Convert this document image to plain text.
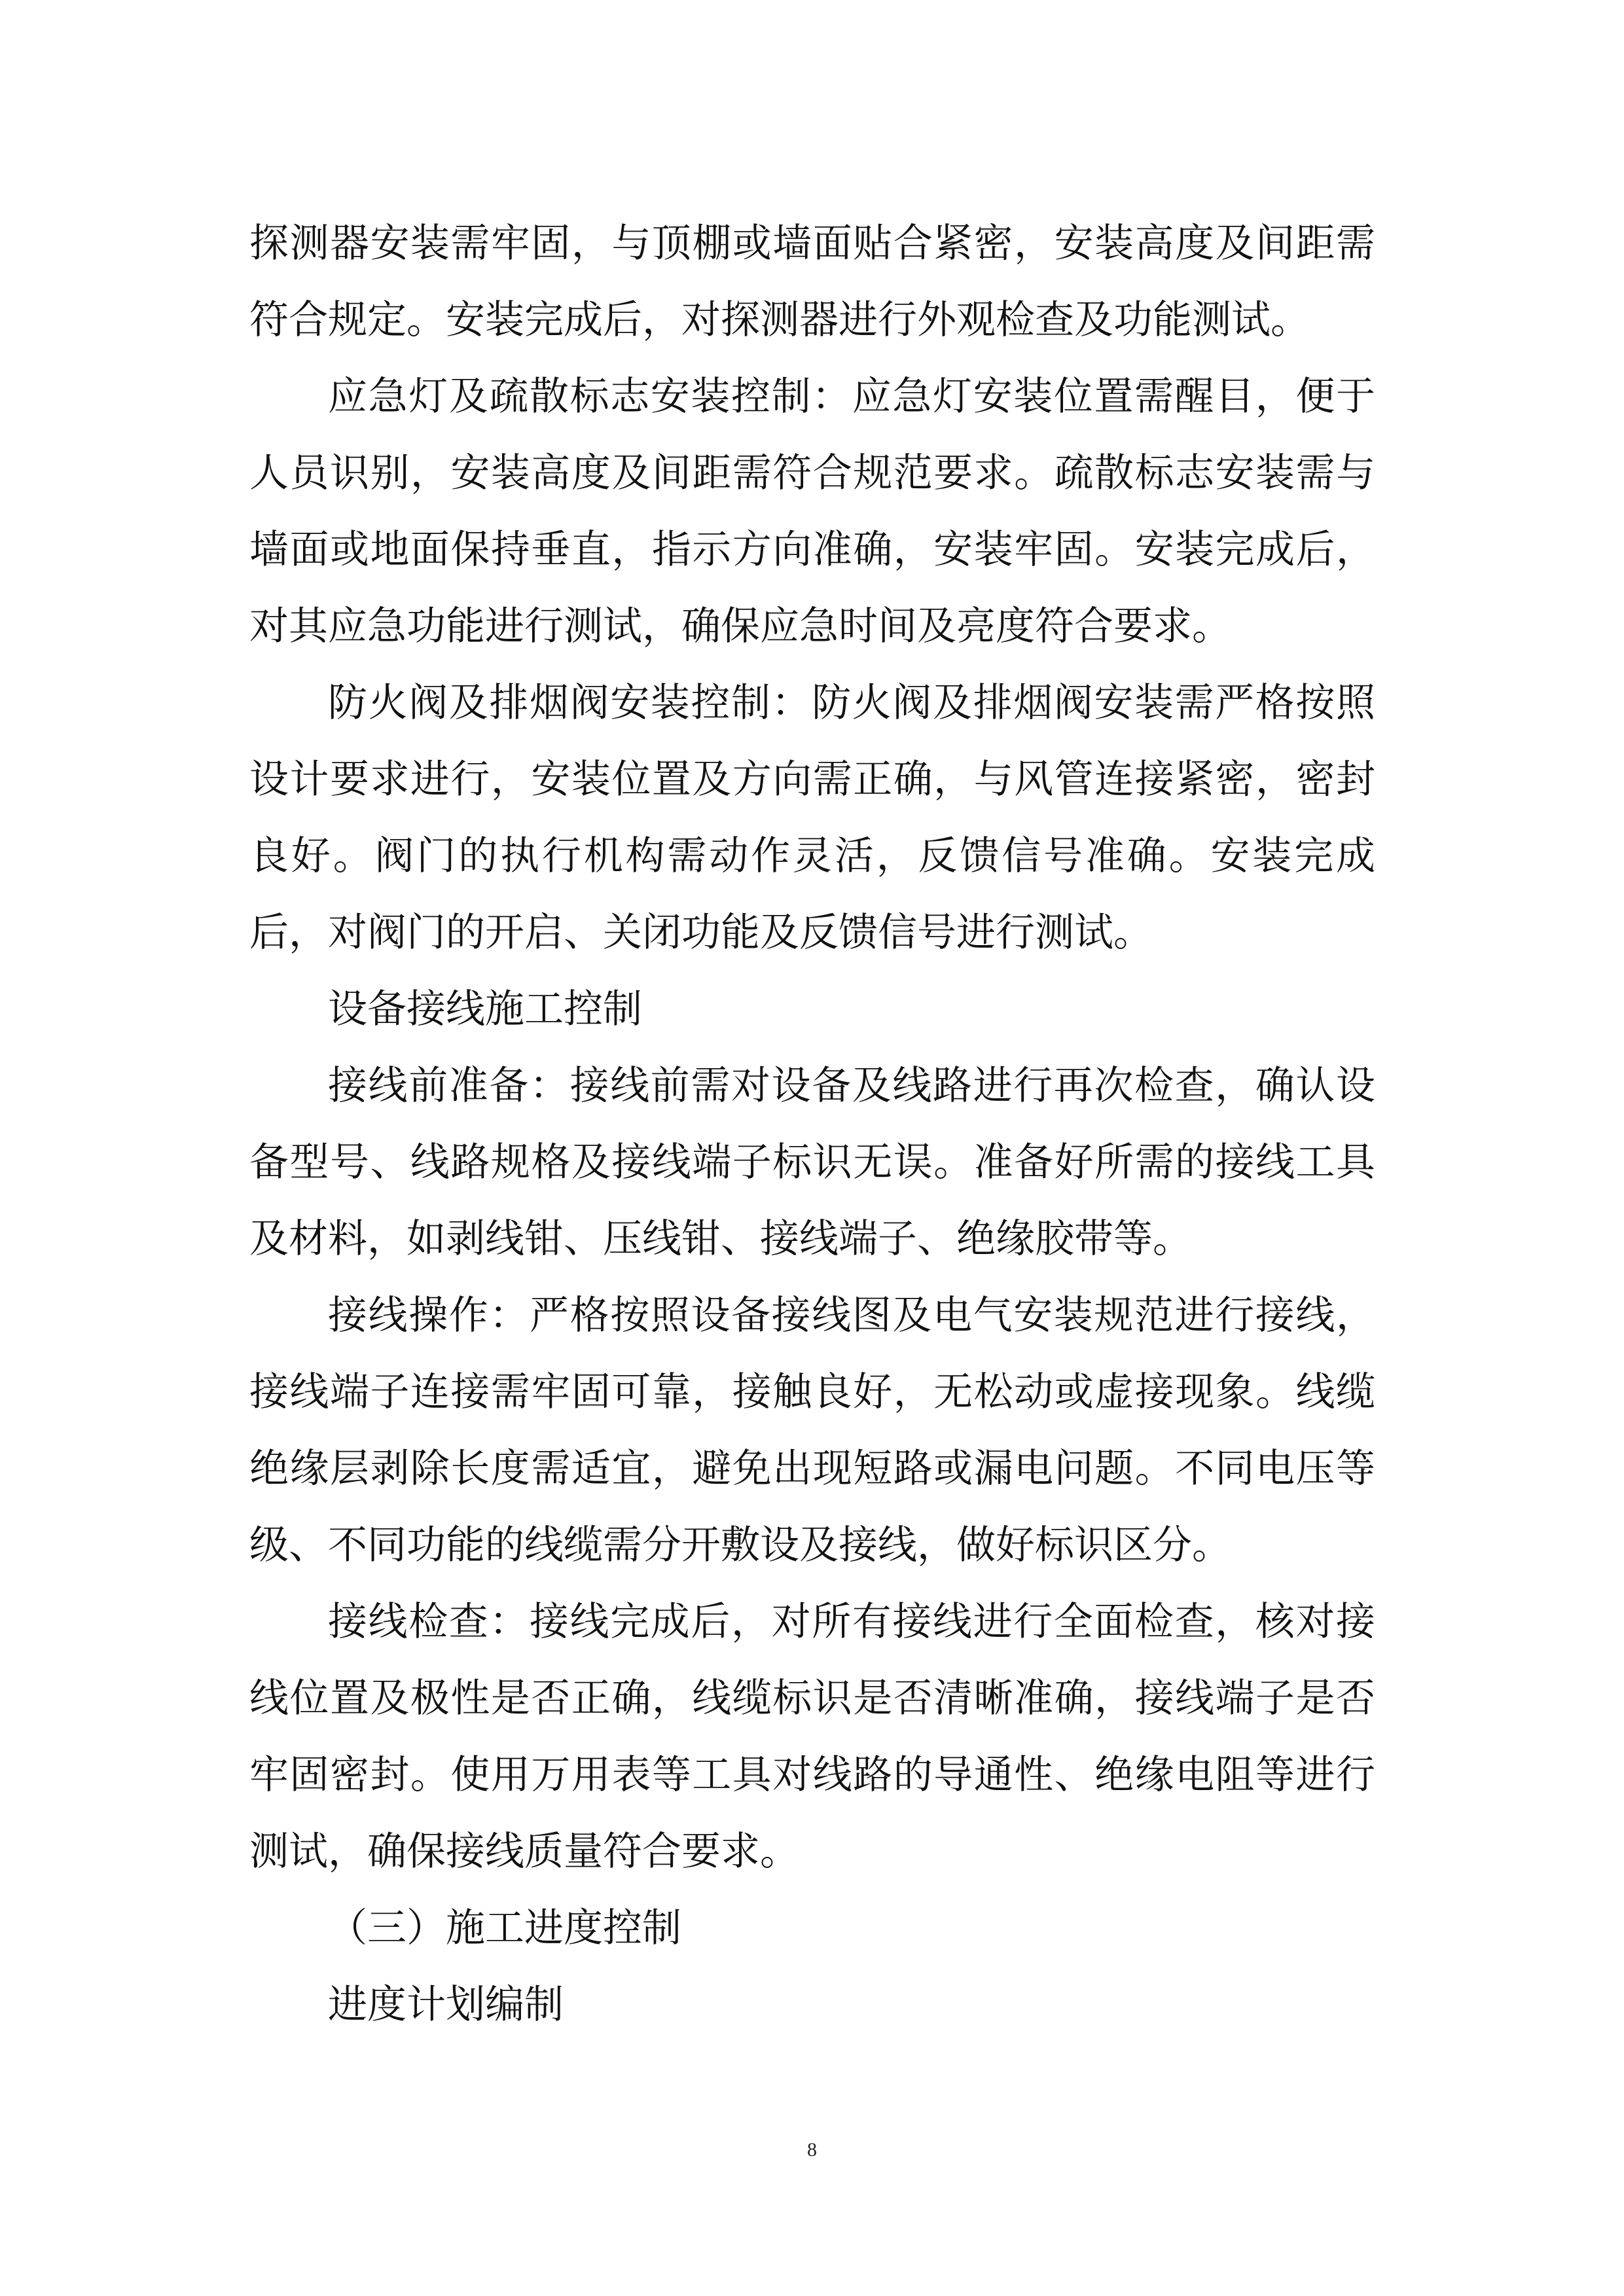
探测器安装需牢固，与顶棚或墙面贴合紧密，安装高度及间距需符合规定。安装完成后，对探测器进行外观检查及功能测试。

应急灯及疏散标志安装控制：应急灯安装位置需醒目，便于人员识别，安装高度及间距需符合规范要求。疏散标志安装需与墙面或地面保持垂直，指示方向准确，安装牢固。安装完成后，对其应急功能进行测试，确保应急时间及亮度符合要求。

防火阀及排烟阀安装控制：防火阀及排烟阀安装需严格按照设计要求进行，安装位置及方向需正确，与风管连接紧密，密封良好。阀门的执行机构需动作灵活，反馈信号准确。安装完成后，对阀门的开启、关闭功能及反馈信号进行测试。

设备接线施工控制

接线前准备：接线前需对设备及线路进行再次检查，确认设备型号、线路规格及接线端子标识无误。准备好所需的接线工具及材料，如剥线钳、压线钳、接线端子、绝缘胶带等。

接线操作：严格按照设备接线图及电气安装规范进行接线，接线端子连接需牢固可靠，接触良好，无松动或虚接现象。线缆绝缘层剥除长度需适宜，避免出现短路或漏电问题。不同电压等级、不同功能的线缆需分开敷设及接线，做好标识区分。

接线检查：接线完成后，对所有接线进行全面检查，核对接线位置及极性是否正确，线缆标识是否清晰准确，接线端子是否牢固密封。使用万用表等工具对线路的导通性、绝缘电阻等进行测试，确保接线质量符合要求。

（三）施工进度控制

进度计划编制

8
